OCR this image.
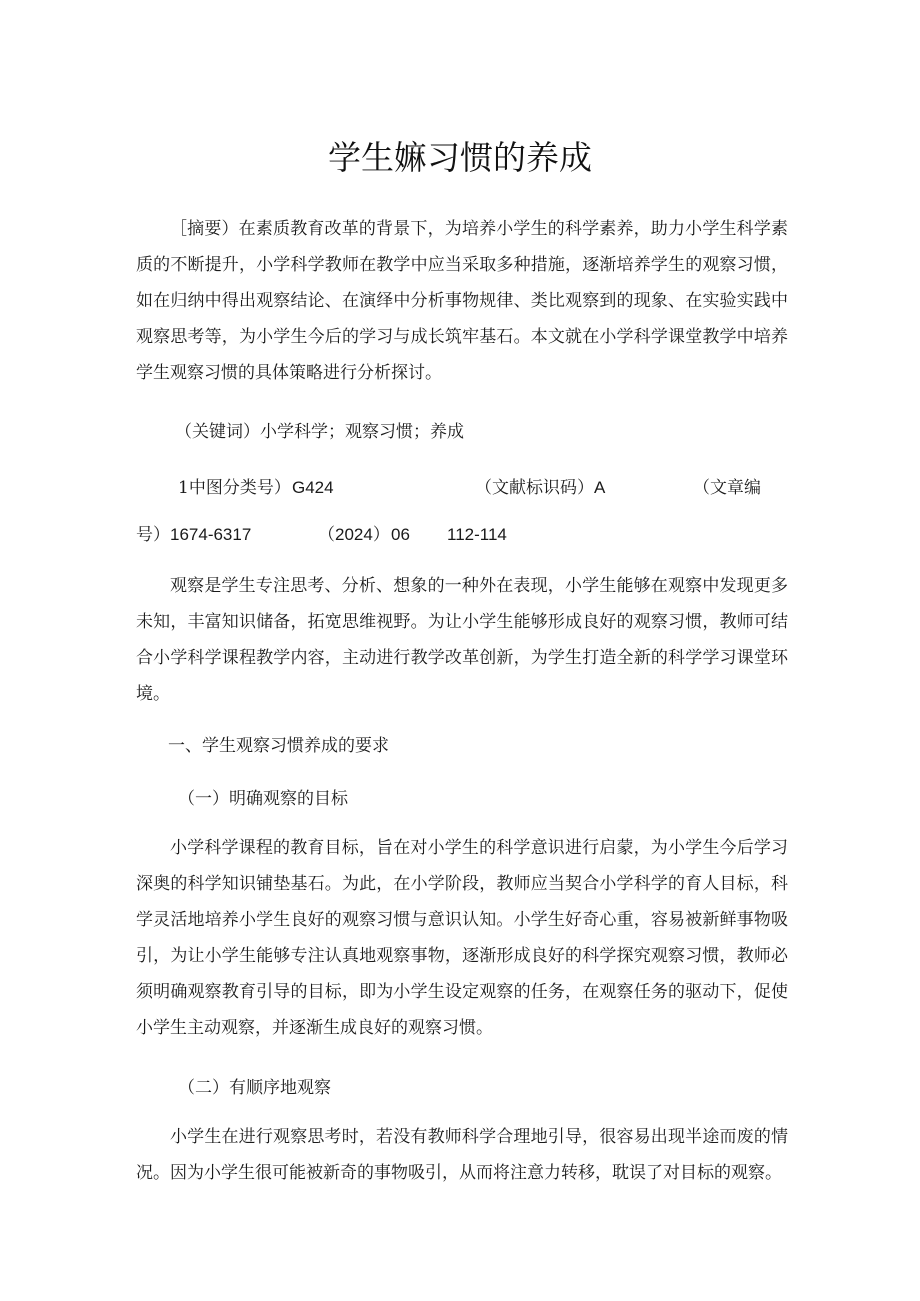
学生嫲习惯的养成
［摘要）在素质教育改革的背景下，为培养小学生的科学素养，助力小学生科学素质的不断提升，小学科学教师在教学中应当采取多种措施，逐渐培养学生的观察习惯，如在归纳中得出观察结论、在演绎中分析事物规律、类比观察到的现象、在实验实践中观察思考等，为小学生今后的学习与成长筑牢基石。本文就在小学科学课堂教学中培养学生观察习惯的具体策略进行分析探讨。
（关键词）小学科学；观察习惯；养成
1中图分类号） G424	（文献标识码） A	（文章编
号） 1674-6317	（2024） 06 112-114
观察是学生专注思考、分析、想象的一种外在表现，小学生能够在观察中发现更多未知，丰富知识储备，拓宽思维视野。为让小学生能够形成良好的观察习惯，教师可结合小学科学课程教学内容，主动进行教学改革创新，为学生打造全新的科学学习课堂环境。
一、学生观察习惯养成的要求
（一）明确观察的目标
小学科学课程的教育目标，旨在对小学生的科学意识进行启蒙，为小学生今后学习深奥的科学知识铺垫基石。为此，在小学阶段，教师应当契合小学科学的育人目标，科学灵活地培养小学生良好的观察习惯与意识认知。小学生好奇心重，容易被新鲜事物吸引，为让小学生能够专注认真地观察事物，逐渐形成良好的科学探究观察习惯，教师必须明确观察教育引导的目标，即为小学生设定观察的任务，在观察任务的驱动下，促使小学生主动观察，并逐渐生成良好的观察习惯。
（二）有顺序地观察
小学生在进行观察思考时，若没有教师科学合理地引导，很容易出现半途而废的情况。因为小学生很可能被新奇的事物吸引，从而将注意力转移，耽误了对目标的观察。
